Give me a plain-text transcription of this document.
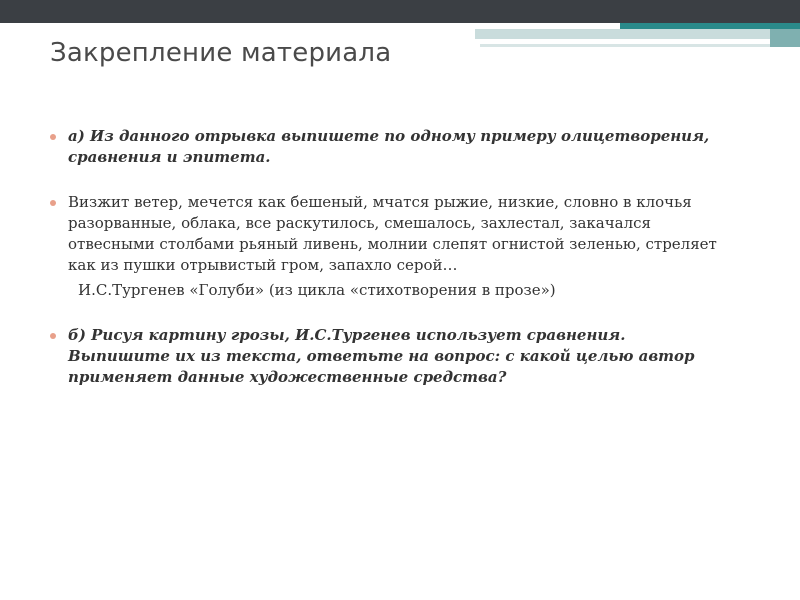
Закрепление материала
а) Из данного отрывка выпишете по одному примеру олицетворения, сравнения и эпитета.
Визжит ветер, мечется как бешеный, мчатся рыжие, низкие, словно в клочья разорванные, облака, все раскутилось, смешалось, захлестал, закачался отвесными столбами рьяный ливень, молнии слепят огнистой зеленью, стреляет как из пушки отрывистый гром, запахло серой…
И.С.Тургенев «Голуби» (из цикла «стихотворения в прозе»)
б) Рисуя картину грозы, И.С.Тургенев использует сравнения. Выпишите их из текста, ответьте на вопрос: с какой целью автор применяет данные художественные средства?
